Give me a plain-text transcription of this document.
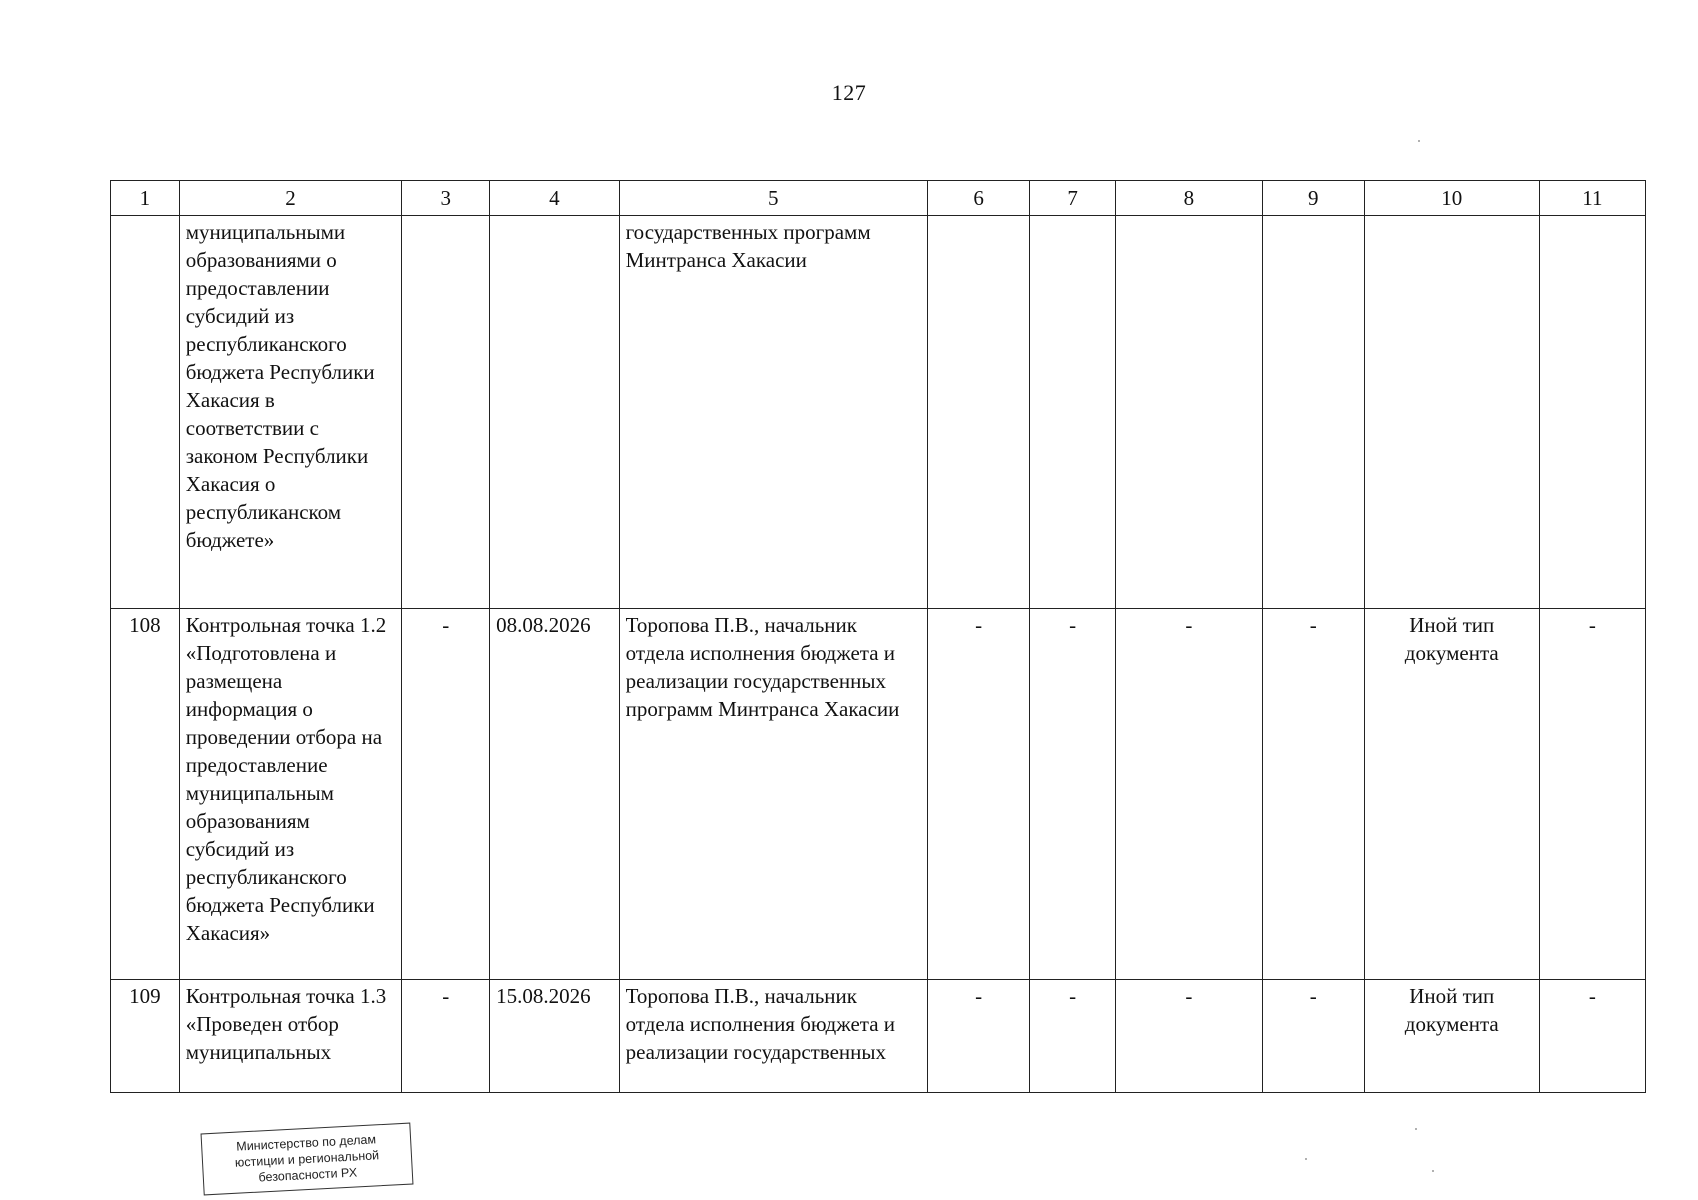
127
1	2	3	4	5	6	7	8	9	10	11
	муниципальными образованиями о предоставлении субсидий из республиканского бюджета Республики Хакасия в соответствии с законом Республики Хакасия о республиканском бюджете»			государственных программ Минтранса Хакасии						
108	Контрольная точка 1.2 «Подготовлена и размещена информация о проведении отбора на предоставление муниципальным образованиям субсидий из республиканского бюджета Республики Хакасия»	-	08.08.2026	Торопова П.В., начальник отдела исполнения бюджета и реализации государственных программ Минтранса Хакасии	-	-	-	-	Иной тип документа	-
109	Контрольная точка 1.3 «Проведен отбор муниципальных	-	15.08.2026	Торопова П.В., начальник отдела исполнения бюджета и реализации государственных	-	-	-	-	Иной тип документа	-
Министерство по делам
юстиции и региональной
безопасности РХ
